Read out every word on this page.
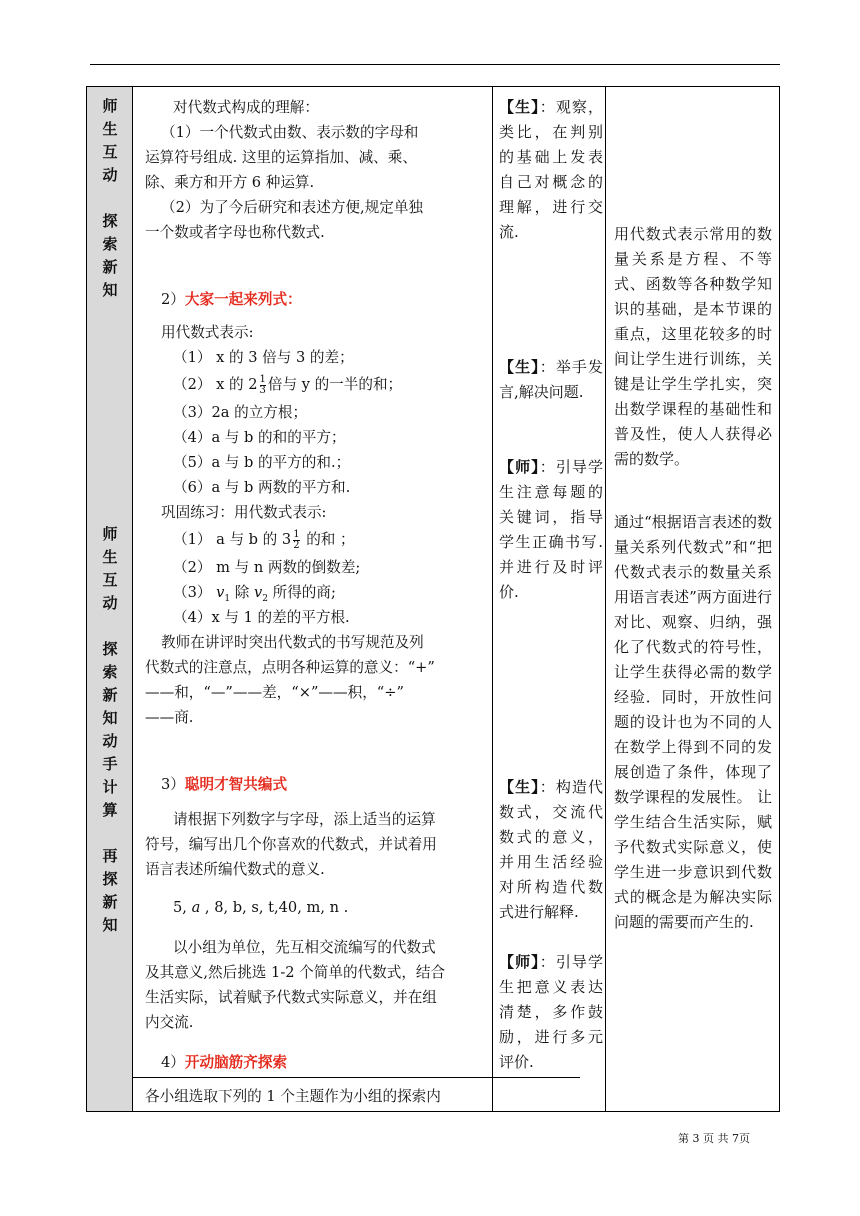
师
生
互
动
探
索
新
知
师
生
互
动
探
索
新
知
动
手
计
算
再
探
新
知
对代数式构成的理解：
（1）一个代数式由数、表示数的字母和
运算符号组成. 这里的运算指加、减、乘、
除、乘方和开方 6 种运算.
（2）为了今后研究和表述方便,规定单独
一个数或者字母也称代数式.
2）大家一起来列式：
用代数式表示:
（1） x 的 3 倍与 3 的差；
（2） x 的 $2 \frac{1}{3}$ 倍与 y 的一半的和；
（3）2a 的立方根；
（4）a 与 b 的和的平方；
（5）a 与 b 的平方的和.；
（6）a 与 b 两数的平方和.
巩固练习：用代数式表示:
（1） a 与 b 的 $3 \frac{1}{2}$ 的和 ；
（2） m 与 n 两数的倒数差;
（3） $v_1$ 除 $v_2$ 所得的商;
（4）x 与 1 的差的平方根.
教师在讲评时突出代数式的书写规范及列
代数式的注意点，点明各种运算的意义：“+”
——和，“—”——差，“×”——积，“÷”
——商.
3）聪明才智共编式
请根据下列数字与字母，添上适当的运算
符号，编写出几个你喜欢的代数式，并试着用
语言表述所编代数式的意义.
5, a , 8, b, s, t,40, m, n .
以小组为单位，先互相交流编写的代数式
及其意义,然后挑选 1-2 个简单的代数式，结合
生活实际，试着赋予代数式实际意义，并在组
内交流.
4）开动脑筋齐探索
各小组选取下列的 1 个主题作为小组的探索内
【生】：观察，类比，在判别的基础上发表自己对概念的理解，进行交流.
【生】：举手发言,解决问题.
【师】：引导学生注意每题的关键词，指导学生正确书写. 并进行及时评价.
【生】：构造代数式，交流代数式的意义，并用生活经验对所构造代数式进行解释.
【师】：引导学生把意义表达清楚，多作鼓励，进行多元评价.
用代数式表示常用的数量关系是方程、不等式、函数等各种数学知识的基础，是本节课的重点，这里花较多的时间让学生进行训练，关键是让学生学扎实，突出数学课程的基础性和普及性，使人人获得必需的数学。
通过“根据语言表述的数量关系列代数式”和“把代数式表示的数量关系用语言表述”两方面进行对比、观察、归纳，强化了代数式的符号性，让学生获得必需的数学经验．同时，开放性问题的设计也为不同的人在数学上得到不同的发展创造了条件，体现了数学课程的发展性。 让学生结合生活实际，赋予代数式实际意义，使学生进一步意识到代数式的概念是为解决实际问题的需要而产生的.
第 3 页 共 7页
